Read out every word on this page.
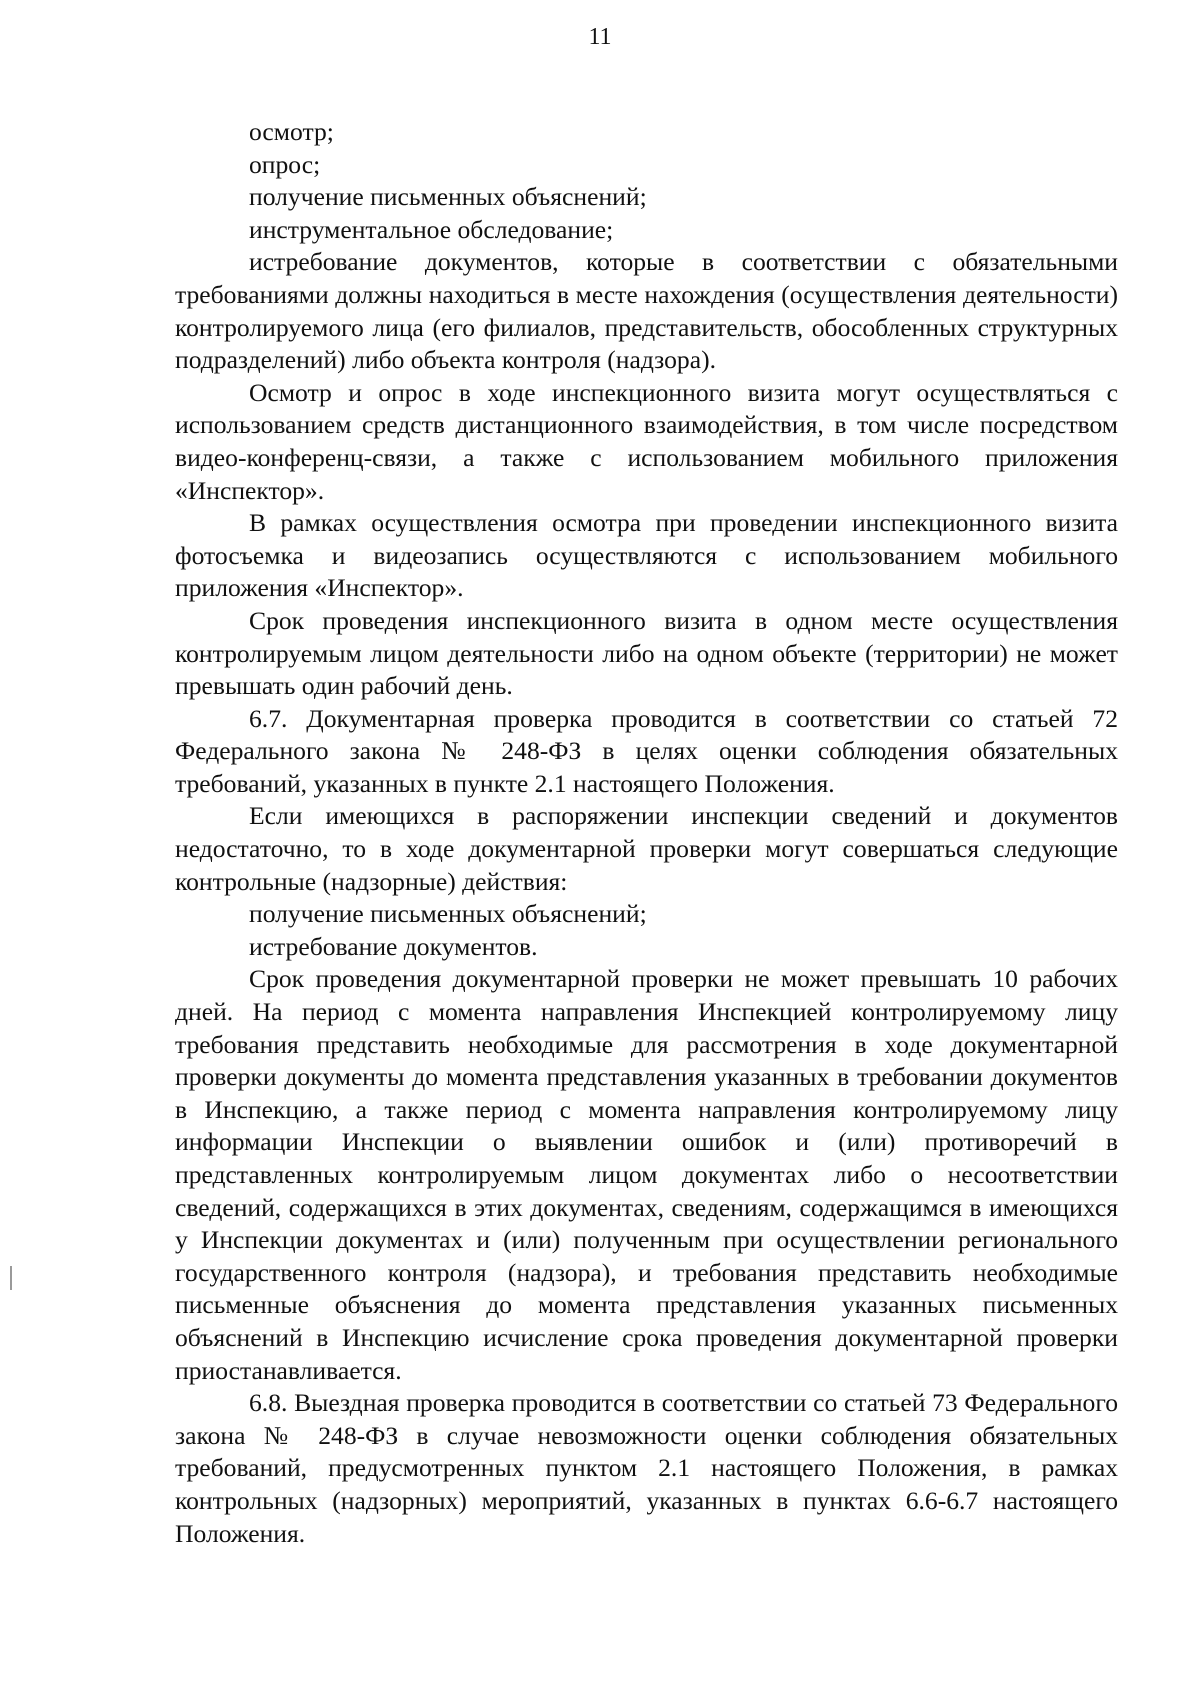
11

осмотр;

опрос;

получение письменных объяснений;

инструментальное обследование;

истребование документов, которые в соответствии с обязательными требованиями должны находиться в месте нахождения (осуществления деятельности) контролируемого лица (его филиалов, представительств, обособленных структурных подразделений) либо объекта контроля (надзора).

Осмотр и опрос в ходе инспекционного визита могут осуществляться с использованием средств дистанционного взаимодействия, в том числе посредством видео-конференц-связи, а также с использованием мобильного приложения «Инспектор».

В рамках осуществления осмотра при проведении инспекционного визита фотосъемка и видеозапись осуществляются с использованием мобильного приложения «Инспектор».

Срок проведения инспекционного визита в одном месте осуществления контролируемым лицом деятельности либо на одном объекте (территории) не может превышать один рабочий день.

6.7. Документарная проверка проводится в соответствии со статьей 72 Федерального закона № 248-ФЗ в целях оценки соблюдения обязательных требований, указанных в пункте 2.1 настоящего Положения.

Если имеющихся в распоряжении инспекции сведений и документов недостаточно, то в ходе документарной проверки могут совершаться следующие контрольные (надзорные) действия:

получение письменных объяснений;

истребование документов.

Срок проведения документарной проверки не может превышать 10 рабочих дней. На период с момента направления Инспекцией контролируемому лицу требования представить необходимые для рассмотрения в ходе документарной проверки документы до момента представления указанных в требовании документов в Инспекцию, а также период с момента направления контролируемому лицу информации Инспекции о выявлении ошибок и (или) противоречий в представленных контролируемым лицом документах либо о несоответствии сведений, содержащихся в этих документах, сведениям, содержащимся в имеющихся у Инспекции документах и (или) полученным при осуществлении регионального государственного контроля (надзора), и требования представить необходимые письменные объяснения до момента представления указанных письменных объяснений в Инспекцию исчисление срока проведения документарной проверки приостанавливается.

6.8. Выездная проверка проводится в соответствии со статьей 73 Федерального закона № 248-ФЗ в случае невозможности оценки соблюдения обязательных требований, предусмотренных пунктом 2.1 настоящего Положения, в рамках контрольных (надзорных) мероприятий, указанных в пунктах 6.6-6.7 настоящего Положения.
